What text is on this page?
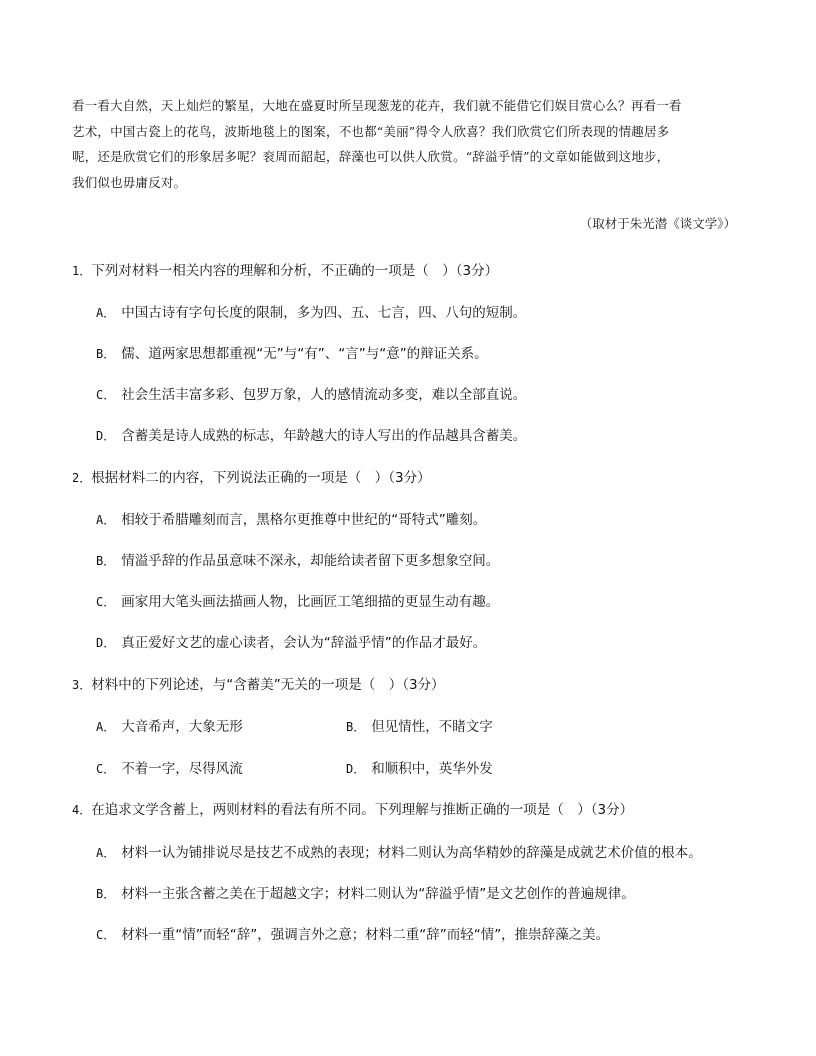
看一看大自然，天上灿烂的繁星，大地在盛夏时所呈现葱茏的花卉，我们就不能借它们娱目赏心么？再看一看
艺术，中国古瓷上的花鸟，波斯地毯上的图案，不也都“美丽”得令人欣喜？我们欣赏它们所表现的情趣居多
呢，还是欣赏它们的形象居多呢？衮周而韶起，辞藻也可以供人欣赏。“辞溢乎情”的文章如能做到这地步，
我们似也毋庸反对。
（取材于朱光潜《谈文学》）
1．下列对材料一相关内容的理解和分析，不正确的一项是（　）（3分）
A． 中国古诗有字句长度的限制，多为四、五、七言，四、八句的短制。
B． 儒、道两家思想都重视“无”与“有”、“言”与“意”的辩证关系。
C． 社会生活丰富多彩、包罗万象，人的感情流动多变，难以全部直说。
D． 含蓄美是诗人成熟的标志，年龄越大的诗人写出的作品越具含蓄美。
2．根据材料二的内容，下列说法正确的一项是（　）（3分）
A． 相较于希腊雕刻而言，黑格尔更推尊中世纪的“哥特式”雕刻。
B． 情溢乎辞的作品虽意味不深永，却能给读者留下更多想象空间。
C． 画家用大笔头画法描画人物，比画匠工笔细描的更显生动有趣。
D． 真正爱好文艺的虚心读者，会认为“辞溢乎情”的作品才最好。
3．材料中的下列论述，与“含蓄美”无关的一项是（　）（3分）
A． 大音希声，大象无形	B． 但见情性，不睹文字
C． 不着一字，尽得风流	D． 和顺积中，英华外发
4．在追求文学含蓄上，两则材料的看法有所不同。下列理解与推断正确的一项是（　）（3分）
A． 材料一认为铺排说尽是技艺不成熟的表现；材料二则认为高华精妙的辞藻是成就艺术价值的根本。
B． 材料一主张含蓄之美在于超越文字；材料二则认为“辞溢乎情”是文艺创作的普遍规律。
C． 材料一重“情”而轻“辞”，强调言外之意；材料二重“辞”而轻“情”，推崇辞藻之美。
